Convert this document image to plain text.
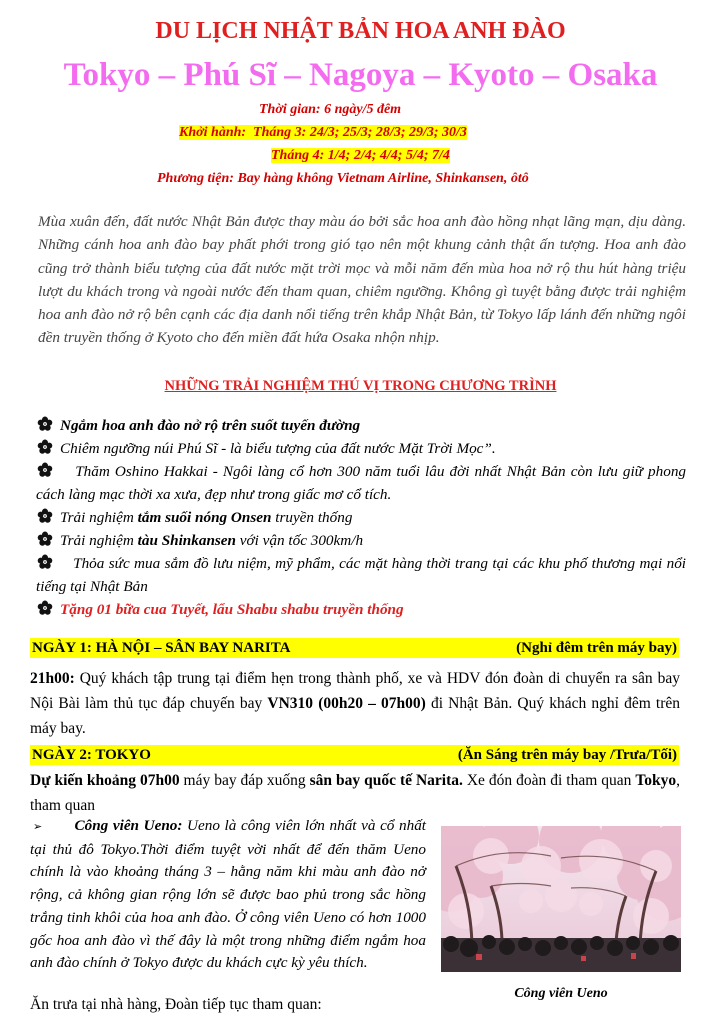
DU LỊCH NHẬT BẢN HOA ANH ĐÀO
Tokyo – Phú Sĩ – Nagoya – Kyoto – Osaka
Thời gian: 6 ngày/5 đêm
Khởi hành: Tháng 3: 24/3; 25/3; 28/3; 29/3; 30/3
Tháng 4: 1/4; 2/4; 4/4; 5/4; 7/4
Phương tiện: Bay hàng không Vietnam Airline, Shinkansen, ôtô
Mùa xuân đến, đất nước Nhật Bản được thay màu áo bởi sắc hoa anh đào hồng nhạt lãng mạn, dịu dàng. Những cánh hoa anh đào bay phất phới trong gió tạo nên một khung cảnh thật ấn tượng. Hoa anh đào cũng trở thành biểu tượng của đất nước mặt trời mọc và mỗi năm đến mùa hoa nở rộ thu hút hàng triệu lượt du khách trong và ngoài nước đến tham quan, chiêm ngưỡng. Không gì tuyệt bằng được trải nghiệm hoa anh đào nở rộ bên cạnh các địa danh nổi tiếng trên khắp Nhật Bản, từ Tokyo lấp lánh đến những ngôi đền truyền thống ở Kyoto cho đến miền đất hứa Osaka nhộn nhịp.
NHỮNG TRẢI NGHIỆM THÚ VỊ TRONG CHƯƠNG TRÌNH
Ngắm hoa anh đào nở rộ trên suốt tuyến đường
Chiêm ngưỡng núi Phú Sĩ - là biểu tượng của đất nước Mặt Trời Mọc”.
Thăm Oshino Hakkai - Ngôi làng cổ hơn 300 năm tuổi lâu đời nhất Nhật Bản còn lưu giữ phong cách làng mạc thời xa xưa, đẹp như trong giấc mơ cổ tích.
Trải nghiệm tắm suối nóng Onsen truyền thống
Trải nghiệm tàu Shinkansen với vận tốc 300km/h
Thỏa sức mua sắm đồ lưu niệm, mỹ phẩm, các mặt hàng thời trang tại các khu phố thương mại nổi tiếng tại Nhật Bản
Tặng 01 bữa cua Tuyết, lẩu Shabu shabu truyền thống
NGÀY 1: HÀ NỘI – SÂN BAY NARITA	(Nghỉ đêm trên máy bay)
21h00: Quý khách tập trung tại điểm hẹn trong thành phố, xe và HDV đón đoàn di chuyển ra sân bay Nội Bài làm thủ tục đáp chuyến bay VN310 (00h20 – 07h00) đi Nhật Bản. Quý khách nghỉ đêm trên máy bay.
NGÀY 2: TOKYO	(Ăn Sáng trên máy bay /Trưa/Tối)
Dự kiến khoảng 07h00 máy bay đáp xuống sân bay quốc tế Narita. Xe đón đoàn đi tham quan Tokyo, tham quan
➢ Công viên Ueno: Ueno là công viên lớn nhất và cổ nhất tại thủ đô Tokyo.Thời điểm tuyệt vời nhất để đến thăm Ueno chính là vào khoảng tháng 3 – hằng năm khi màu anh đào nở rộng, cả không gian rộng lớn sẽ được bao phủ trong sắc hồng trắng tinh khôi của hoa anh đào. Ở công viên Ueno có hơn 1000 gốc hoa anh đào vì thế đây là một trong những điểm ngắm hoa anh đào chính ở Tokyo được du khách cực kỳ yêu thích.
Công viên Ueno
Ăn trưa tại nhà hàng, Đoàn tiếp tục tham quan:
